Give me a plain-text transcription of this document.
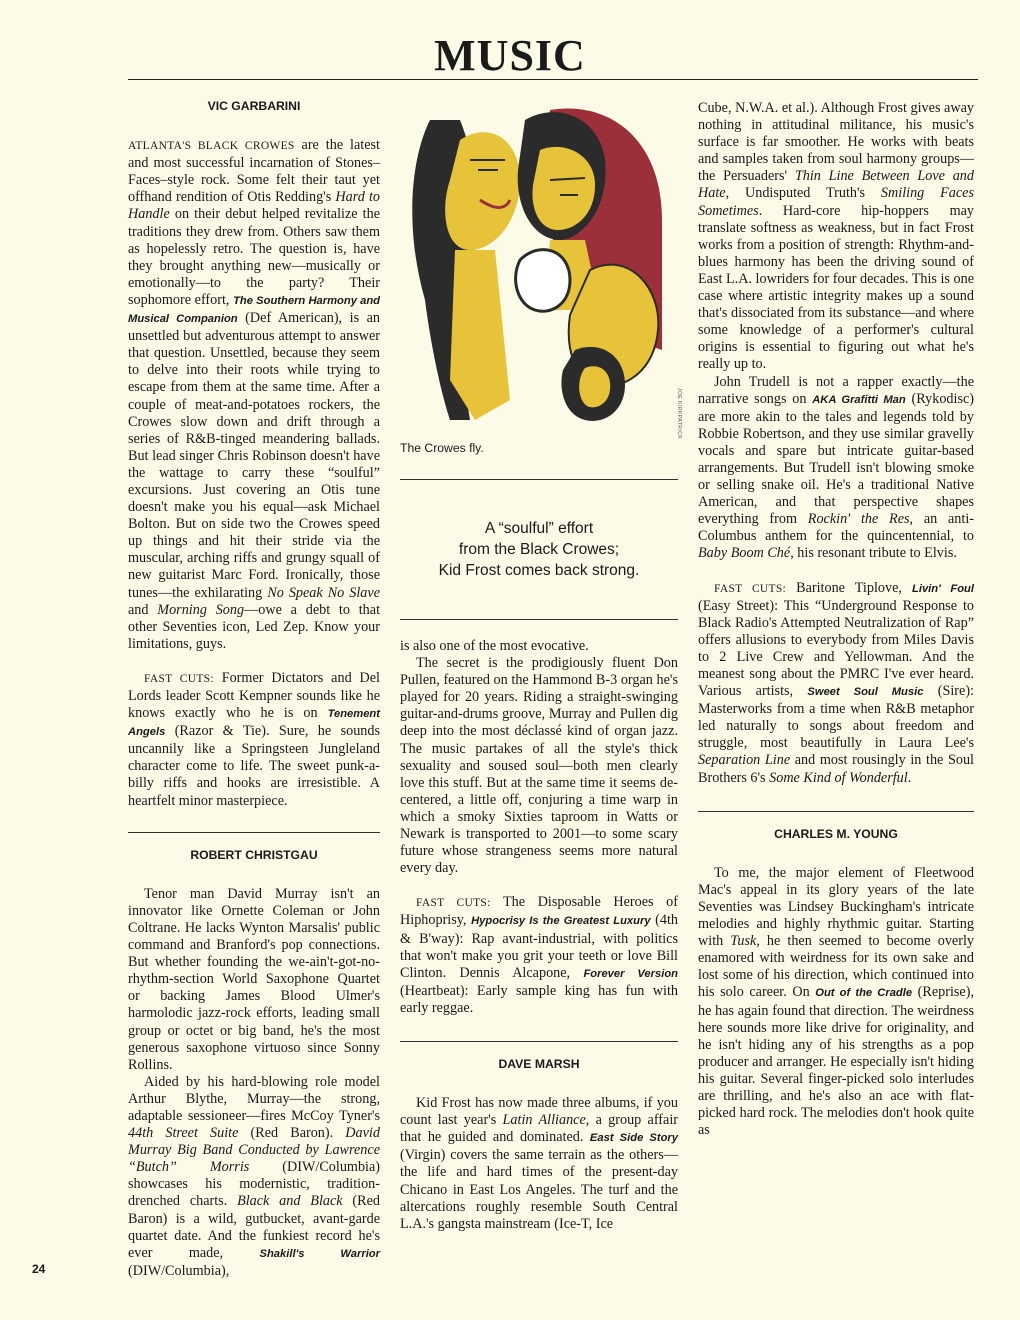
MUSIC
VIC GARBARINI

ATLANTA'S BLACK CROWES are the latest and most successful incarnation of Stones–Faces–style rock. Some felt their taut yet offhand rendition of Otis Redding's Hard to Handle on their debut helped revitalize the traditions they drew from. Others saw them as hopelessly retro. The question is, have they brought anything new—musically or emotionally—to the party? Their sophomore effort, The Southern Harmony and Musical Companion (Def American), is an unsettled but adventurous attempt to answer that question. Unsettled, because they seem to delve into their roots while trying to escape from them at the same time. After a couple of meat-and-potatoes rockers, the Crowes slow down and drift through a series of R&B-tinged meandering ballads. But lead singer Chris Robinson doesn't have the wattage to carry these “soulful” excursions. Just covering an Otis tune doesn't make you his equal—ask Michael Bolton. But on side two the Crowes speed up things and hit their stride via the muscular, arching riffs and grungy squall of new guitarist Marc Ford. Ironically, those tunes—the exhilarating No Speak No Slave and Morning Song—owe a debt to that other Seventies icon, Led Zep. Know your limitations, guys.

FAST CUTS: Former Dictators and Del Lords leader Scott Kempner sounds like he knows exactly who he is on Tenement Angels (Razor & Tie). Sure, he sounds uncannily like a Springsteen Jungleland character come to life. The sweet punk-a-billy riffs and hooks are irresistible. A heartfelt minor masterpiece.

ROBERT CHRISTGAU

Tenor man David Murray isn't an innovator like Ornette Coleman or John Coltrane. He lacks Wynton Marsalis' public command and Branford's pop connections. But whether founding the we-ain't-got-no-rhythm-section World Saxophone Quartet or backing James Blood Ulmer's harmolodic jazz-rock efforts, leading small group or octet or big band, he's the most generous saxophone virtuoso since Sonny Rollins.

Aided by his hard-blowing role model Arthur Blythe, Murray—the strong, adaptable sessioneer—fires McCoy Tyner's 44th Street Suite (Red Baron). David Murray Big Band Conducted by Lawrence “Butch” Morris (DIW/Columbia) showcases his modernistic, tradition-drenched charts. Black and Black (Red Baron) is a wild, gutbucket, avant-garde quartet date. And the funkiest record he's ever made, Shakill's Warrior (DIW/Columbia),

JOE KIRKPATRICK
The Crowes fly.
A “soulful” effort
from the Black Crowes;
Kid Frost comes back strong.

is also one of the most evocative.

The secret is the prodigiously fluent Don Pullen, featured on the Hammond B-3 organ he's played for 20 years. Riding a straight-swinging guitar-and-drums groove, Murray and Pullen dig deep into the most déclassé kind of organ jazz. The music partakes of all the style's thick sexuality and soused soul—both men clearly love this stuff. But at the same time it seems de-centered, a little off, conjuring a time warp in which a smoky Sixties taproom in Watts or Newark is transported to 2001—to some scary future whose strangeness seems more natural every day.

FAST CUTS: The Disposable Heroes of Hiphoprisy, Hypocrisy Is the Greatest Luxury (4th & B'way): Rap avant-industrial, with politics that won't make you grit your teeth or love Bill Clinton. Dennis Alcapone, Forever Version (Heartbeat): Early sample king has fun with early reggae.

DAVE MARSH

Kid Frost has now made three albums, if you count last year's Latin Alliance, a group affair that he guided and dominated. East Side Story (Virgin) covers the same terrain as the others—the life and hard times of the present-day Chicano in East Los Angeles. The turf and the altercations roughly resemble South Central L.A.'s gangsta mainstream (Ice-T, Ice

Cube, N.W.A. et al.). Although Frost gives away nothing in attitudinal militance, his music's surface is far smoother. He works with beats and samples taken from soul harmony groups—the Persuaders' Thin Line Between Love and Hate, Undisputed Truth's Smiling Faces Sometimes. Hard-core hip-hoppers may translate softness as weakness, but in fact Frost works from a position of strength: Rhythm-and-blues harmony has been the driving sound of East L.A. lowriders for four decades. This is one case where artistic integrity makes up a sound that's dissociated from its substance—and where some knowledge of a performer's cultural origins is essential to figuring out what he's really up to.

John Trudell is not a rapper exactly—the narrative songs on AKA Grafitti Man (Rykodisc) are more akin to the tales and legends told by Robbie Robertson, and they use similar gravelly vocals and spare but intricate guitar-based arrangements. But Trudell isn't blowing smoke or selling snake oil. He's a traditional Native American, and that perspective shapes everything from Rockin' the Res, an anti-Columbus anthem for the quincentennial, to Baby Boom Ché, his resonant tribute to Elvis.

FAST CUTS: Baritone Tiplove, Livin' Foul (Easy Street): This “Underground Response to Black Radio's Attempted Neutralization of Rap” offers allusions to everybody from Miles Davis to 2 Live Crew and Yellowman. And the meanest song about the PMRC I've ever heard. Various artists, Sweet Soul Music (Sire): Masterworks from a time when R&B metaphor led naturally to songs about freedom and struggle, most beautifully in Laura Lee's Separation Line and most rousingly in the Soul Brothers 6's Some Kind of Wonderful.

CHARLES M. YOUNG

To me, the major element of Fleetwood Mac's appeal in its glory years of the late Seventies was Lindsey Buckingham's intricate melodies and highly rhythmic guitar. Starting with Tusk, he then seemed to become overly enamored with weirdness for its own sake and lost some of his direction, which continued into his solo career. On Out of the Cradle (Reprise), he has again found that direction. The weirdness here sounds more like drive for originality, and he isn't hiding any of his strengths as a pop producer and arranger. He especially isn't hiding his guitar. Several finger-picked solo interludes are thrilling, and he's also an ace with flat-picked hard rock. The melodies don't hook quite as

24
